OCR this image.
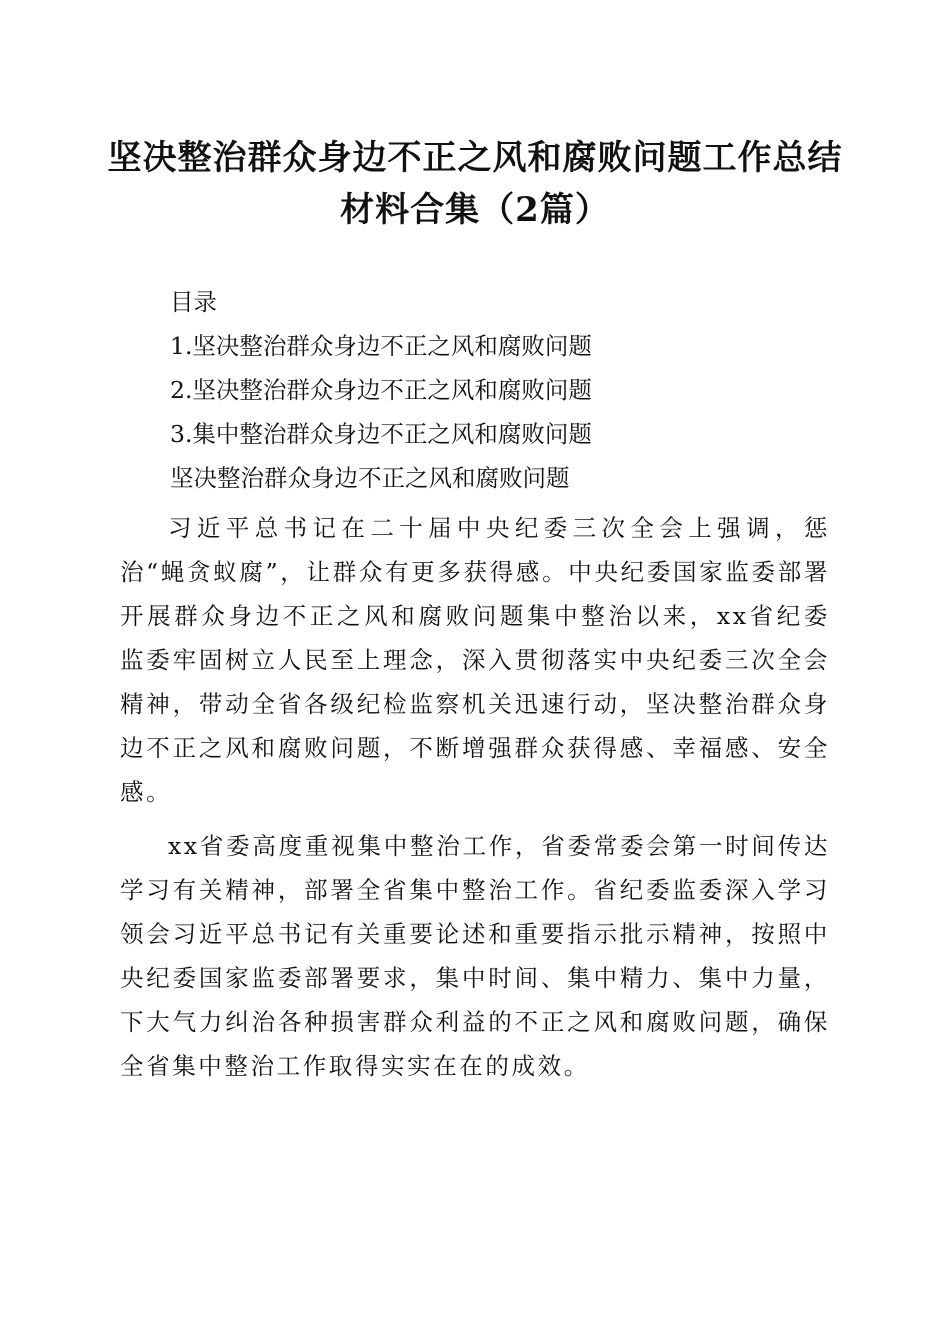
坚决整治群众身边不正之风和腐败问题工作总结材料合集（2篇）

目录

1.坚决整治群众身边不正之风和腐败问题

2.坚决整治群众身边不正之风和腐败问题

3.集中整治群众身边不正之风和腐败问题

坚决整治群众身边不正之风和腐败问题

习近平总书记在二十届中央纪委三次全会上强调，惩治“蝇贪蚁腐”，让群众有更多获得感。中央纪委国家监委部署开展群众身边不正之风和腐败问题集中整治以来，xx省纪委监委牢固树立人民至上理念，深入贯彻落实中央纪委三次全会精神，带动全省各级纪检监察机关迅速行动，坚决整治群众身边不正之风和腐败问题，不断增强群众获得感、幸福感、安全感。

xx省委高度重视集中整治工作，省委常委会第一时间传达学习有关精神，部署全省集中整治工作。省纪委监委深入学习领会习近平总书记有关重要论述和重要指示批示精神，按照中央纪委国家监委部署要求，集中时间、集中精力、集中力量，下大气力纠治各种损害群众利益的不正之风和腐败问题，确保全省集中整治工作取得实实在在的成效。
